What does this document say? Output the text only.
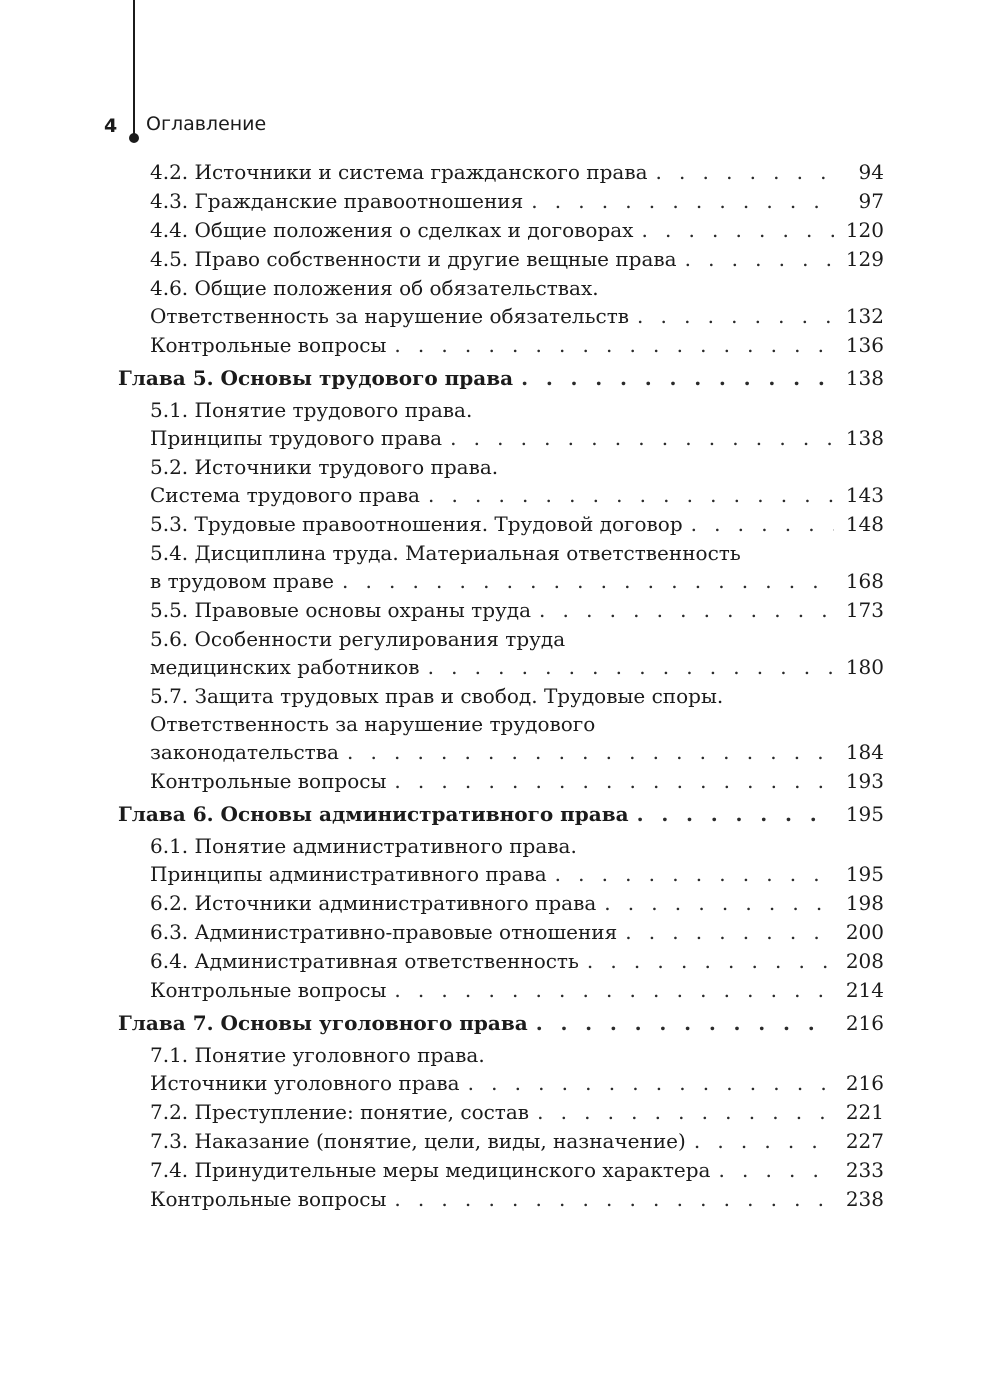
4 Оглавление
4.2. Источники и система гражданского права . . .	94
4.3. Гражданские правоотношения . . .	97
4.4. Общие положения о сделках и договорах . . .	120
4.5. Право собственности и другие вещные права . . .	129
4.6. Общие положения об обязательствах.
Ответственность за нарушение обязательств . . .	132
Контрольные вопросы . . .	136
Глава 5. Основы трудового права . . .	138
5.1. Понятие трудового права.
Принципы трудового права . . .	138
5.2. Источники трудового права.
Система трудового права . . .	143
5.3. Трудовые правоотношения. Трудовой договор . . .	148
5.4. Дисциплина труда. Материальная ответственность
в трудовом праве . . .	168
5.5. Правовые основы охраны труда . . .	173
5.6. Особенности регулирования труда
медицинских работников . . .	180
5.7. Защита трудовых прав и свобод. Трудовые споры.
Ответственность за нарушение трудового
законодательства . . .	184
Контрольные вопросы . . .	193
Глава 6. Основы административного права . . .	195
6.1. Понятие административного права.
Принципы административного права . . .	195
6.2. Источники административного права . . .	198
6.3. Административно-правовые отношения . . .	200
6.4. Административная ответственность . . .	208
Контрольные вопросы . . .	214
Глава 7. Основы уголовного права . . .	216
7.1. Понятие уголовного права.
Источники уголовного права . . .	216
7.2. Преступление: понятие, состав . . .	221
7.3. Наказание (понятие, цели, виды, назначение) . . .	227
7.4. Принудительные меры медицинского характера . . .	233
Контрольные вопросы . . .	238
